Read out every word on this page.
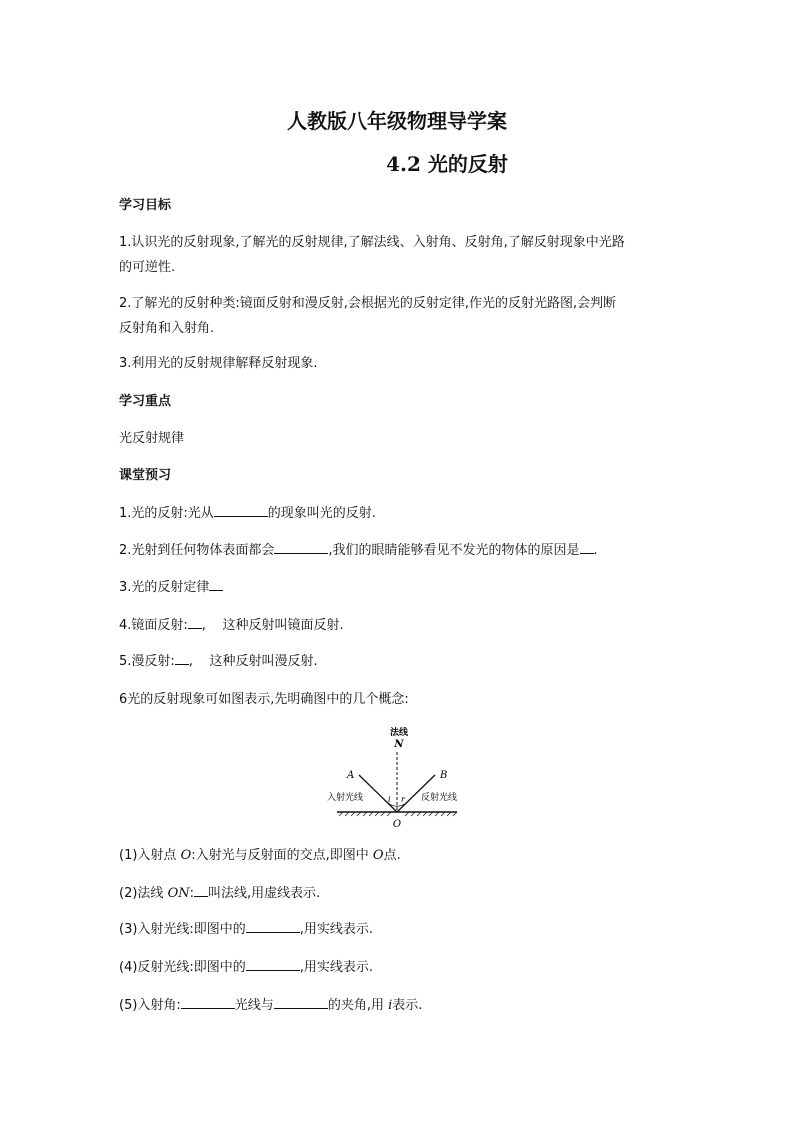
人教版八年级物理导学案
4.2 光的反射
学习目标
1.认识光的反射现象,了解光的反射规律,了解法线、入射角、反射角,了解反射现象中光路
的可逆性.
2.了解光的反射种类:镜面反射和漫反射,会根据光的反射定律,作光的反射光路图,会判断
反射角和入射角.
3.利用光的反射规律解释反射现象.
学习重点
光反射规律
课堂预习
1.光的反射:光从	的现象叫光的反射.
2.光射到任何物体表面都会	,我们的眼睛能够看见不发光的物体的原因是 .
3.光的反射定律
4.镜面反射: ,    这种反射叫镜面反射.
5.漫反射: ,    这种反射叫漫反射.
6光的反射现象可如图表示,先明确图中的几个概念:
法线
N
A	B
入射光线	反射光线
i r
O
(1)入射点 O:入射光与反射面的交点,即图中 O点.
(2)法线 ON: 叫法线,用虚线表示.
(3)入射光线:即图中的	,用实线表示.
(4)反射光线:即图中的	,用实线表示.
(5)入射角:	光线与	的夹角,用 i表示.
